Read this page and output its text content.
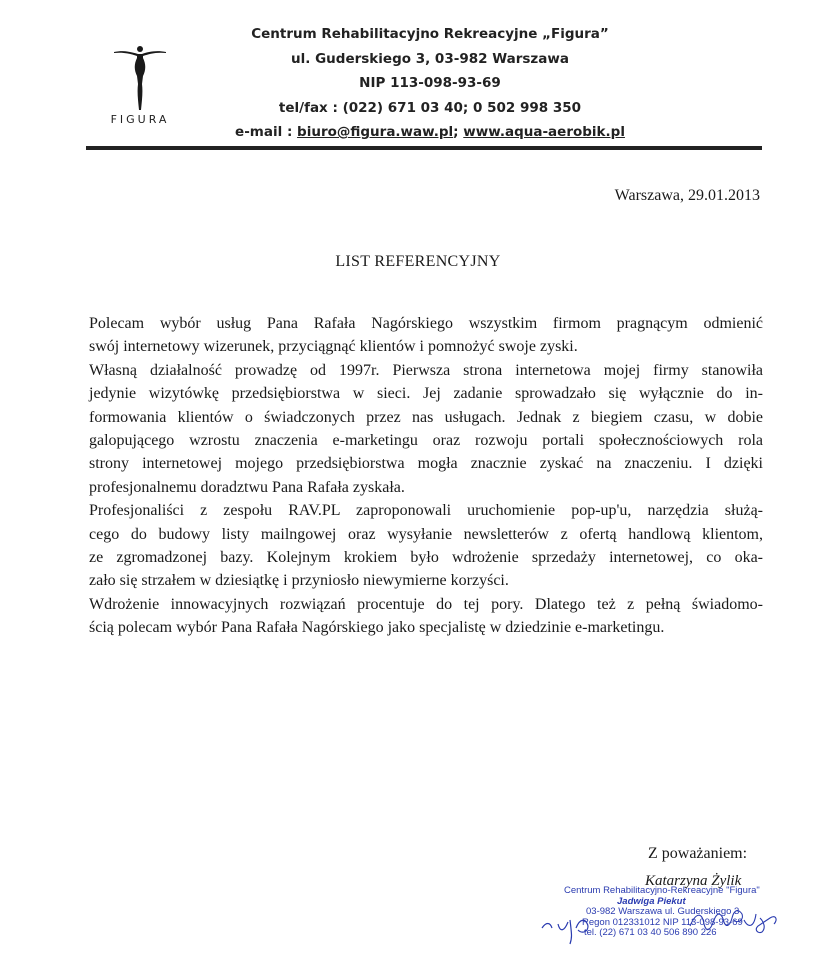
FIGURA
Centrum Rehabilitacyjno Rekreacyjne „Figura”
ul. Guderskiego 3, 03-982 Warszawa
NIP 113-098-93-69
tel/fax : (022) 671 03 40; 0 502 998 350
e-mail : biuro@figura.waw.pl; www.aqua-aerobik.pl
Warszawa, 29.01.2013
LIST REFERENCYJNY
Polecam wybór usług Pana Rafała Nagórskiego wszystkim firmom pragnącym odmienić
swój internetowy wizerunek, przyciągnąć klientów i pomnożyć swoje zyski.
Własną działalność prowadzę od 1997r. Pierwsza strona internetowa mojej firmy stanowiła
jedynie wizytówkę przedsiębiorstwa w sieci. Jej zadanie sprowadzało się wyłącznie do in-
formowania klientów o świadczonych przez nas usługach. Jednak z biegiem czasu, w dobie
galopującego wzrostu znaczenia e-marketingu oraz rozwoju portali społecznościowych rola
strony internetowej mojego przedsiębiorstwa mogła znacznie zyskać na znaczeniu. I dzięki
profesjonalnemu doradztwu Pana Rafała zyskała.
Profesjonaliści z zespołu RAV.PL zaproponowali uruchomienie pop-up'u, narzędzia służą-
cego do budowy listy mailngowej oraz wysyłanie newsletterów z ofertą handlową klientom,
ze zgromadzonej bazy. Kolejnym krokiem było wdrożenie sprzedaży internetowej, co oka-
zało się strzałem w dziesiątkę i przyniosło niewymierne korzyści.
Wdrożenie innowacyjnych rozwiązań procentuje do tej pory. Dlatego też z pełną świadomo-
ścią polecam wybór Pana Rafała Nagórskiego jako specjalistę w dziedzinie e-marketingu.
Z poważaniem:
Katarzyna Żylik
Centrum Rehabilitacyjno-Rekreacyjne "Figura"
Jadwiga Piekut
03-982 Warszawa ul. Guderskiego 3
Regon 012331012 NIP 113-098-93-69
tel. (22) 671 03 40 506 890 226
